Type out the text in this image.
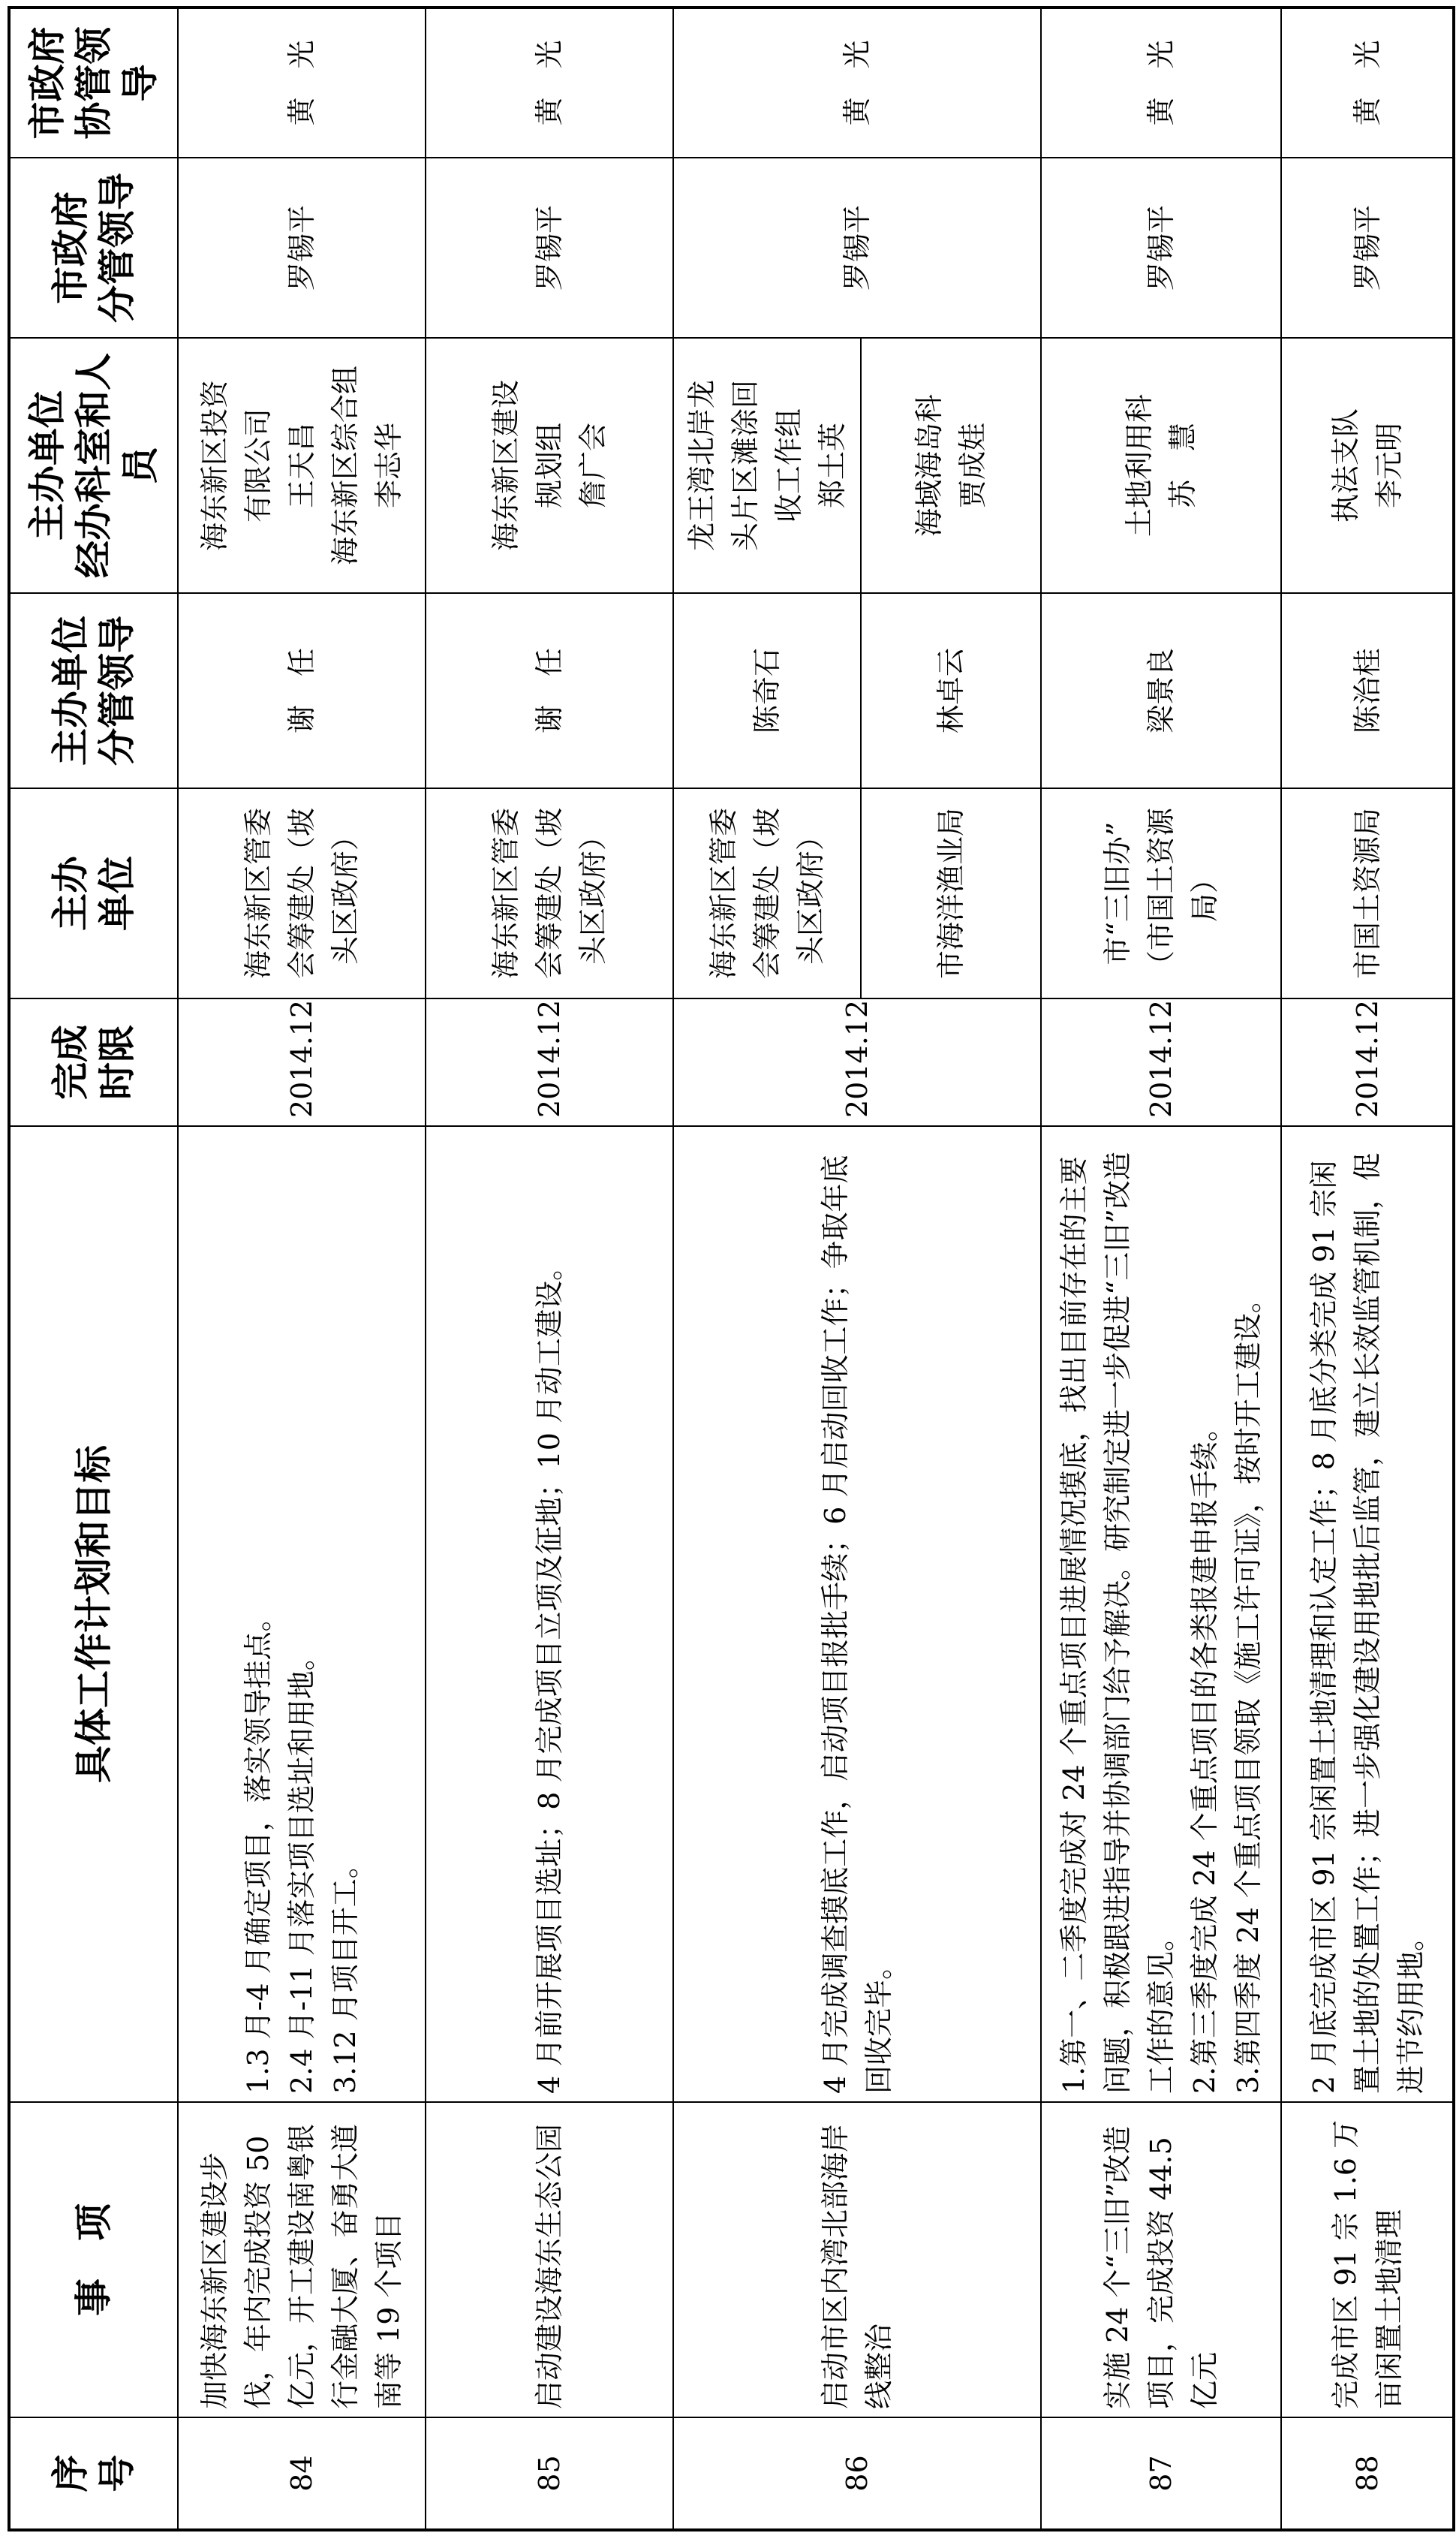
序 号	事　项	具体工作计划和目标	完成 时限	主办 单位	主办单位 分管领导	主办单位 经办科室和人员	市政府 分管领导	市政府 协管领导

84	加快海东新区建设步伐，年内完成投资 50 亿元，开工建设南粤银行金融大厦、奋勇大道南等 19 个项目	1.3 月-4 月确定项目，落实领导挂点。 2.4 月-11 月落实项目选址和用地。 3.12 月项目开工。	2014.12	海东新区管委会筹建处（坡头区政府）	谢　任	海东新区投资 有限公司 王天昌 海东新区综合组 李志华	罗锡平	黄　光
85	启动建设海东生态公园	4 月前开展项目选址；8 月完成项目立项及征地；10 月动工建设。	2014.12	海东新区管委会筹建处（坡头区政府）	谢　任	海东新区建设 规划组 詹广会	罗锡平	黄　光
86	启动市区内湾北部海岸线整治	4 月完成调查摸底工作，启动项目报批手续；6 月启动回收工作；争取年底回收完毕。	2014.12	海东新区管委会筹建处（坡头区政府）	陈奇石	龙王湾北岸龙 头片区滩涂回 收工作组 郑土英	罗锡平	黄　光

				市海洋渔业局	林卓云	海域海岛科 贾成娃		

87	实施 24 个“三旧”改造项目，完成投资 44.5 亿元	1.第一、二季度完成对 24 个重点项目进展情况摸底，找出目前存在的主要问题，积极跟进指导并协调部门给予解决。研究制定进一步促进“三旧”改造工作的意见。 2.第三季度完成 24 个重点项目的各类报建申报手续。 3.第四季度 24 个重点项目领取《施工许可证》，按时开工建设。	2014.12	市“三旧办” （市国土资源局）	梁景良	土地利用科 苏　慧	罗锡平	黄　光
88	完成市区 91 宗 1.6 万亩闲置土地清理	2 月底完成市区 91 宗闲置土地清理和认定工作；8 月底分类完成 91 宗闲置土地的处置工作；进一步强化建设用地批后监管，建立长效监管机制，促进节约用地。	2014.12	市国土资源局	陈治桂	执法支队 李元明	罗锡平	黄　光
